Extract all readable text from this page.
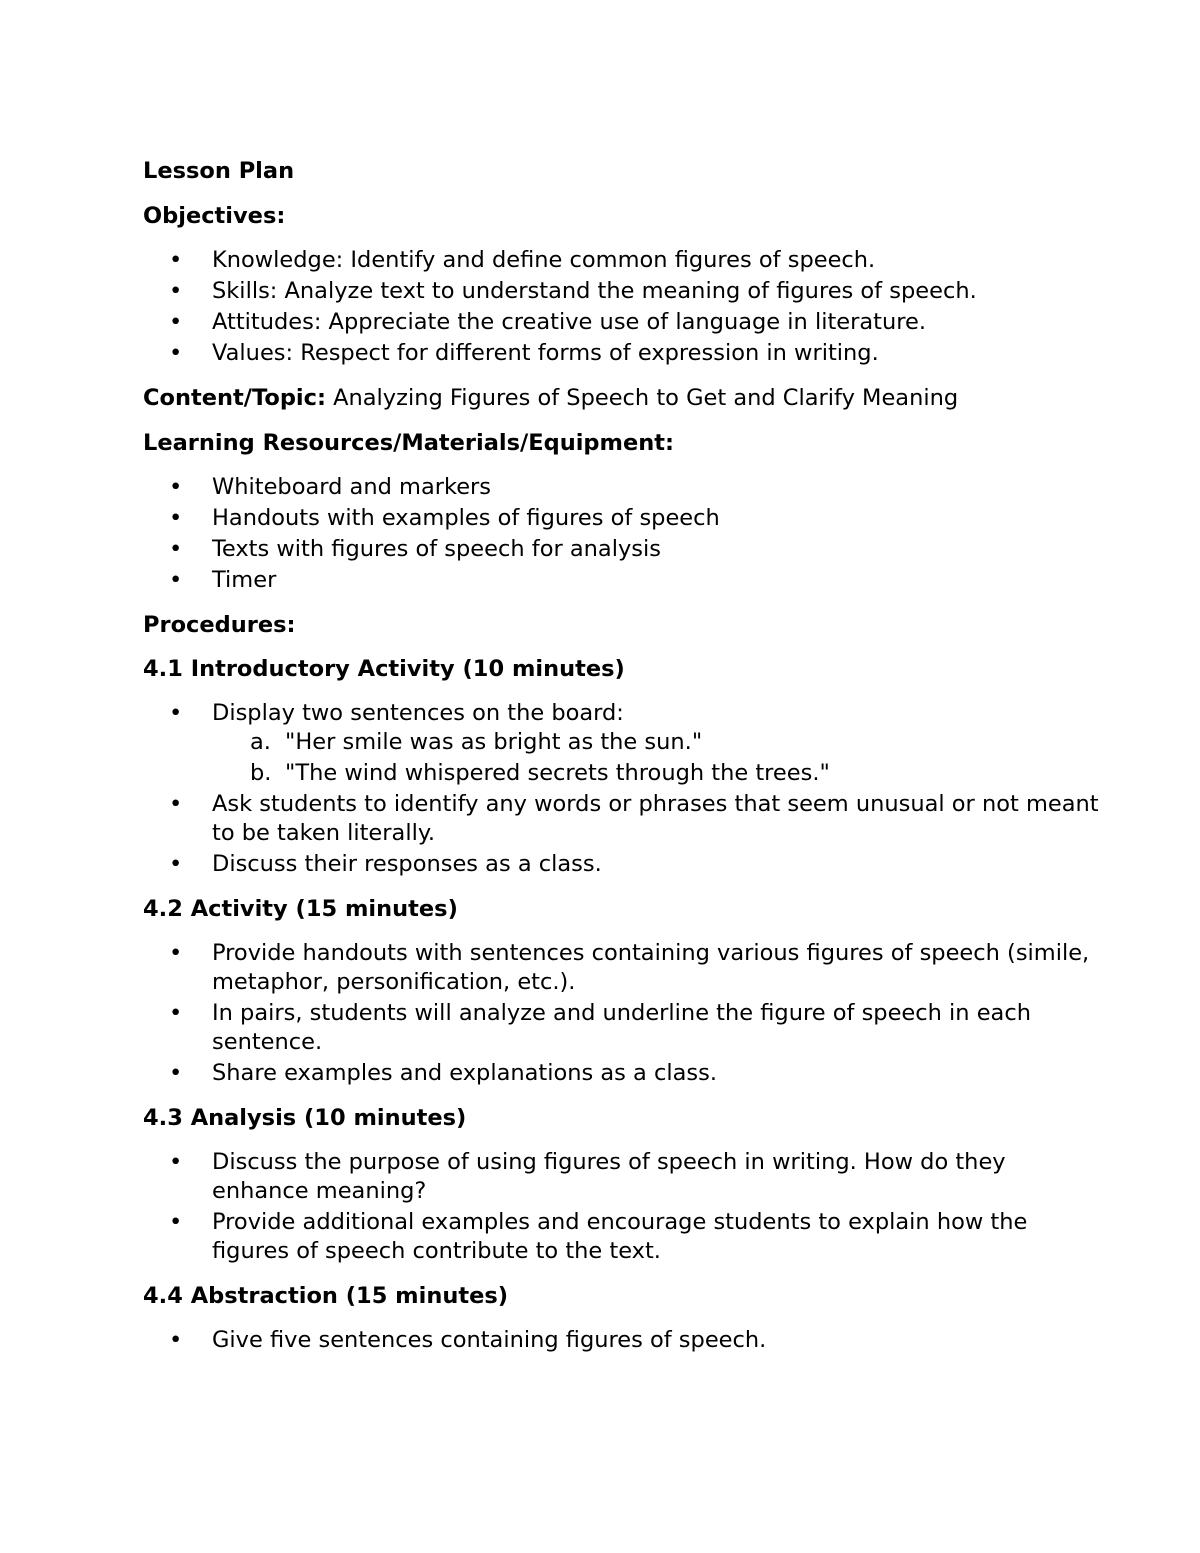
Lesson Plan

Objectives:

• Knowledge: Identify and define common figures of speech.
• Skills: Analyze text to understand the meaning of figures of speech.
• Attitudes: Appreciate the creative use of language in literature.
• Values: Respect for different forms of expression in writing.

Content/Topic: Analyzing Figures of Speech to Get and Clarify Meaning

Learning Resources/Materials/Equipment:

• Whiteboard and markers
• Handouts with examples of figures of speech
• Texts with figures of speech for analysis
• Timer

Procedures:

4.1 Introductory Activity (10 minutes)

• Display two sentences on the board:
a. "Her smile was as bright as the sun."
b. "The wind whispered secrets through the trees."
• Ask students to identify any words or phrases that seem unusual or not meant to be taken literally.
• Discuss their responses as a class.

4.2 Activity (15 minutes)

• Provide handouts with sentences containing various figures of speech (simile, metaphor, personification, etc.).
• In pairs, students will analyze and underline the figure of speech in each sentence.
• Share examples and explanations as a class.

4.3 Analysis (10 minutes)

• Discuss the purpose of using figures of speech in writing. How do they enhance meaning?
• Provide additional examples and encourage students to explain how the figures of speech contribute to the text.

4.4 Abstraction (15 minutes)

• Give five sentences containing figures of speech.
